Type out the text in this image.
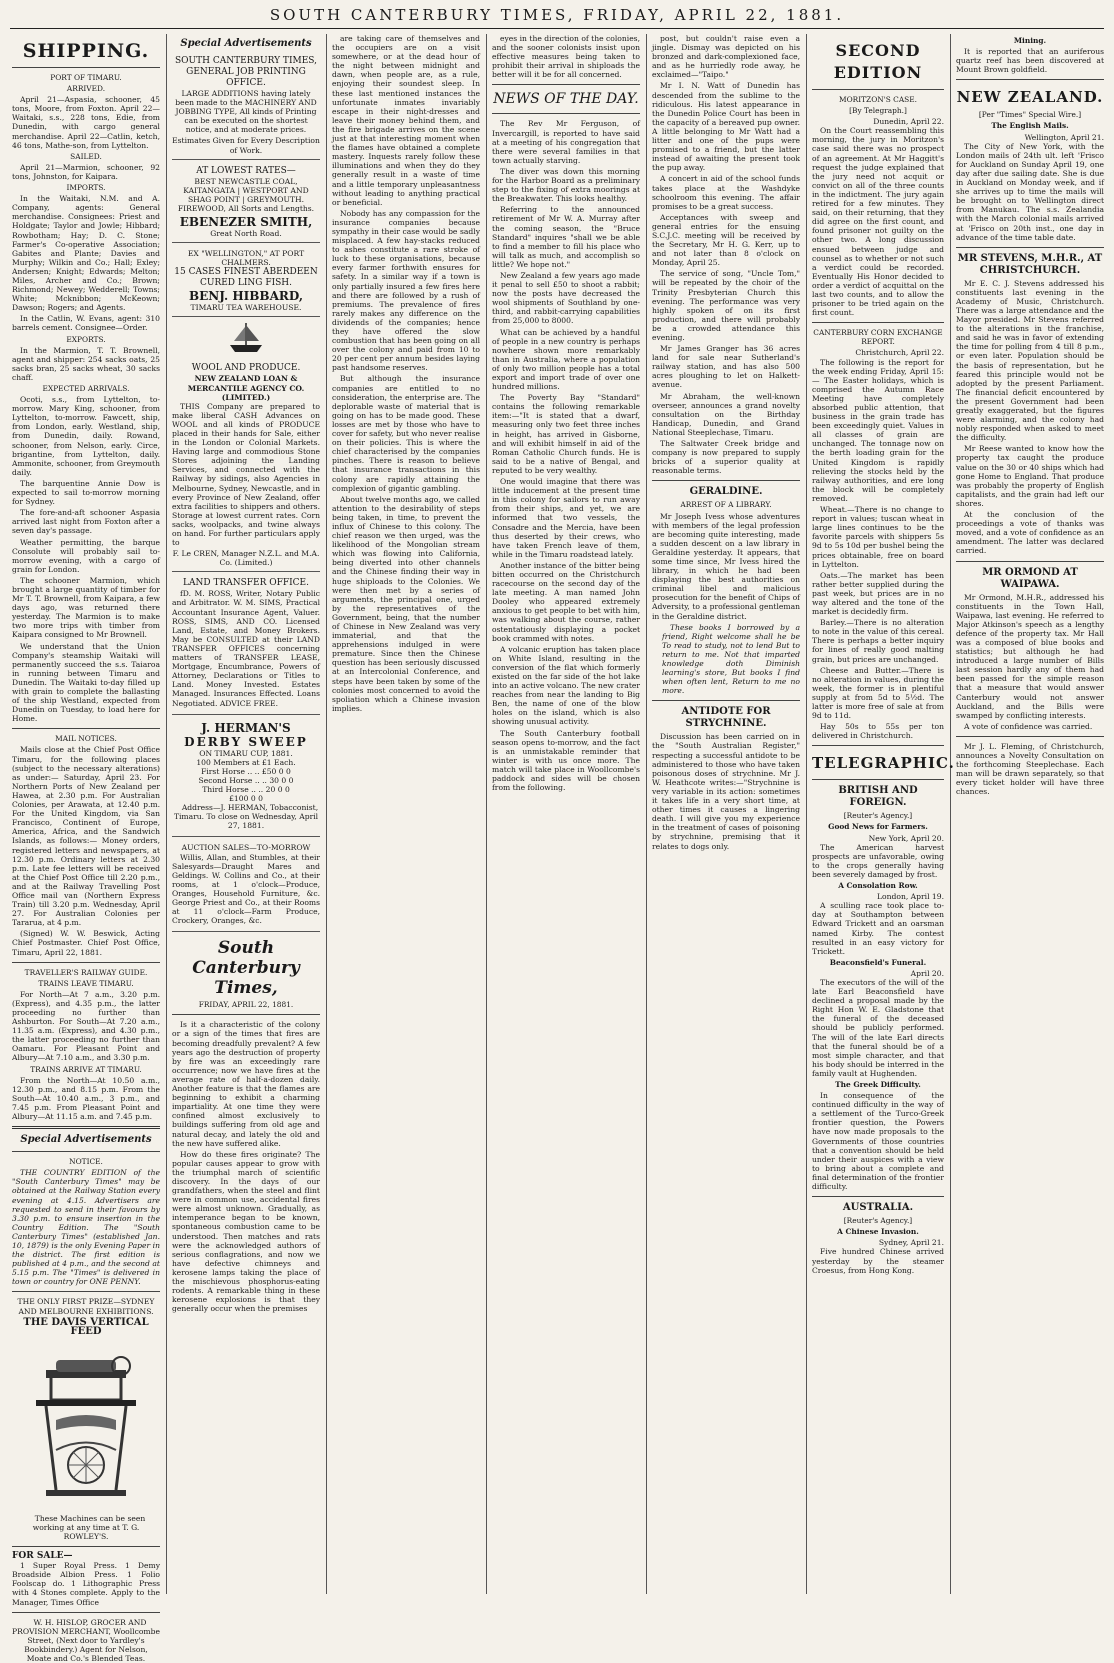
SOUTH CANTERBURY TIMES, FRIDAY, APRIL 22, 1881.
SHIPPING.
PORT OF TIMARU.
ARRIVED.

April 21—Aspasia, schooner, 45 tons, Moore, from Foxton. April 22—Waitaki, s.s., 228 tons, Edie, from Dunedin, with cargo general merchandise. April 22—Catlin, ketch, 46 tons, Mathe-son, from Lyttelton.

SAILED.

April 21—Marmion, schooner, 92 tons, Johnston, for Kaipara.

IMPORTS.

In the Waitaki, N.M. and A. Company, agents: General merchandise. Consignees: Priest and Holdgate; Taylor and Jowle; Hibbard; Rowbotham; Hay; D. C. Stone; Farmer's Co-operative Association; Gabites and Plante; Davies and Murphy; Wilkin and Co.; Hall; Exley; Andersen; Knight; Edwards; Melton; Miles, Archer and Co.; Brown; Richmond; Newey; Wedderell; Towns; White; Mcknibbon; McKeown; Dawson; Rogers; and Agents.

In the Catlin, W. Evans, agent: 310 barrels cement. Consignee—Order.

EXPORTS.

In the Marmion, T. T. Brownell, agent and shipper: 254 sacks oats, 25 sacks bran, 25 sacks wheat, 30 sacks chaff.

EXPECTED ARRIVALS.

Ocoti, s.s., from Lyttelton, to-morrow. Mary King, schooner, from Lyttelton, to-morrow. Fawcett, ship, from London, early. Westland, ship, from Dunedin, daily. Rowand, schooner, from Nelson, early. Circe, brigantine, from Lyttelton, daily. Ammonite, schooner, from Greymouth daily.

The barquentine Annie Dow is expected to sail to-morrow morning for Sydney.

The fore-and-aft schooner Aspasia arrived last night from Foxton after a seven day's passage.

Weather permitting, the barque Consolute will probably sail to-morrow evening, with a cargo of grain for London.

The schooner Marmion, which brought a large quantity of timber for Mr T. T. Brownell, from Kaipara, a few days ago, was returned there yesterday. The Marmion is to make two more trips with timber from Kaipara consigned to Mr Brownell.

We understand that the Union Company's steamship Waitaki will permanently succeed the s.s. Taiaroa in running between Timaru and Dunedin. The Waitaki to-day filled up with grain to complete the ballasting of the ship Westland, expected from Dunedin on Tuesday, to load here for Home.

MAIL NOTICES.

Mails close at the Chief Post Office Timaru, for the following places (subject to the necessary alterations) as under:— Saturday, April 23. For Northern Ports of New Zealand per Hawea, at 2.30 p.m. For Australian Colonies, per Arawata, at 12.40 p.m. For the United Kingdom, via San Francisco, Continent of Europe, America, Africa, and the Sandwich Islands, as follows:— Money orders, registered letters and newspapers, at 12.30 p.m. Ordinary letters at 2.30 p.m. Late fee letters will be received at the Chief Post Office till 2.20 p.m., and at the Railway Travelling Post Office mail van (Northern Express Train) till 3.20 p.m. Wednesday, April 27. For Australian Colonies per Tararua, at 4 p.m.

(Signed) W. W. Beswick, Acting Chief Postmaster. Chief Post Office, Timaru, April 22, 1881.

TRAVELLER'S RAILWAY GUIDE.
TRAINS LEAVE TIMARU.

For North—At 7 a.m., 3.20 p.m. (Express), and 4.35 p.m., the latter proceeding no further than Ashburton. For South—At 7.20 a.m., 11.35 a.m. (Express), and 4.30 p.m., the latter proceeding no further than Oamaru. For Pleasant Point and Albury—At 7.10 a.m., and 3.30 p.m.

TRAINS ARRIVE AT TIMARU.

From the North—At 10.50 a.m., 12.30 p.m., and 8.15 p.m. From the South—At 10.40 a.m., 3 p.m., and 7.45 p.m. From Pleasant Point and Albury—At 11.15 a.m. and 7.45 p.m.

Special Advertisements
NOTICE.

THE COUNTRY EDITION of the "South Canterbury Times" may be obtained at the Railway Station every evening at 4.15. Advertisers are requested to send in their favours by 3.30 p.m. to ensure insertion in the Country Edition. The "South Canterbury Times" (established Jan. 10, 1879) is the only Evening Paper in the district. The first edition is published at 4 p.m., and the second at 5.15 p.m. The "Times" is delivered in town or country for ONE PENNY.

THE ONLY FIRST PRIZE—SYDNEY AND MELBOURNE EXHIBITIONS.
THE DAVIS VERTICAL FEED

These Machines can be seen working at any time at T. G. ROWLEY'S.

FOR SALE—

1 Super Royal Press. 1 Demy Broadside Albion Press. 1 Folio Foolscap do. 1 Lithographic Press with 4 Stones complete. Apply to the Manager, Times Office

W. H. HISLOP, GROCER AND PROVISION MERCHANT, Woollcombe Street, (Next door to Yardley's Bookbindery.) Agent for Nelson, Moate and Co.'s Blended Teas.

Special Advertisements
SOUTH CANTERBURY TIMES, GENERAL JOB PRINTING OFFICE.

LARGE ADDITIONS having lately been made to the MACHINERY AND JOBBING TYPE, All kinds of Printing can be executed on the shortest notice, and at moderate prices.

Estimates Given for Every Description of Work.
AT LOWEST RATES—

BEST NEWCASTLE COAL, KAITANGATA | WESTPORT AND SHAG POINT | GREYMOUTH. FIREWOOD, All Sorts and Lengths.

EBENEZER SMITH,
Great North Road.
EX "WELLINGTON," AT PORT CHALMERS.
15 CASES FINEST ABERDEEN CURED LING FISH.
BENJ. HIBBARD,
TIMARU TEA WAREHOUSE.
WOOL AND PRODUCE.
NEW ZEALAND LOAN & MERCANTILE AGENCY CO. (LIMITED.)

THIS Company are prepared to make liberal CASH Advances on WOOL and all kinds of PRODUCE placed in their hands for Sale, either in the London or Colonial Markets. Having large and commodious Stone Stores adjoining the Landing Services, and connected with the Railway by sidings, also Agencies in Melbourne, Sydney, Newcastle, and in every Province of New Zealand, offer extra facilities to shippers and others. Storage at lowest current rates. Corn sacks, woolpacks, and twine always on hand. For further particulars apply to

F. Le CREN, Manager N.Z.L. and M.A. Co. (Limited.)
LAND TRANSFER OFFICE.

fD. M. ROSS, Writer, Notary Public and Arbitrator. W. M. SIMS, Practical Accountant Insurance Agent, Valuer. ROSS, SIMS, AND CO. Licensed Land, Estate, and Money Brokers. May be CONSULTED at their LAND TRANSFER OFFICES concerning matters of TRANSFER LEASE, Mortgage, Encumbrance, Powers of Attorney, Declarations or Titles to Land. Money Invested. Estates Managed. Insurances Effected. Loans Negotiated. ADVICE FREE.

J. HERMAN'S
DERBY SWEEP
ON TIMARU CUP, 1881.
100 Members at £1 Each.
First Horse .. .. £50 0 0
Second Horse .. .. 30 0 0
Third Horse .. .. 20 0 0
£100 0 0

Address—J. HERMAN, Tobacconist, Timaru. To close on Wednesday, April 27, 1881.

AUCTION SALES—TO-MORROW

Willis, Allan, and Stumbles, at their Salesyards—Draught Mares and Geldings. W. Collins and Co., at their rooms, at 1 o'clock—Produce, Oranges, Household Furniture, &c. George Priest and Co., at their Rooms at 11 o'clock—Farm Produce, Crockery, Oranges, &c.

South Canterbury Times,
FRIDAY, APRIL 22, 1881.

Is it a characteristic of the colony or a sign of the times that fires are becoming dreadfully prevalent? A few years ago the destruction of property by fire was an exceedingly rare occurrence; now we have fires at the average rate of half-a-dozen daily. Another feature is that the flames are beginning to exhibit a charming impartiality. At one time they were confined almost exclusively to buildings suffering from old age and natural decay, and lately the old and the new have suffered alike.

How do these fires originate? The popular causes appear to grow with the triumphal march of scientific discovery. In the days of our grandfathers, when the steel and flint were in common use, accidental fires were almost unknown. Gradually, as intemperance began to be known, spontaneous combustion came to be understood. Then matches and rats were the acknowledged authors of serious conflagrations, and now we have defective chimneys and kerosene lamps taking the place of the mischievous phosphorus-eating rodents. A remarkable thing in these kerosene explosions is that they generally occur when the premises

are taking care of themselves and the occupiers are on a visit somewhere, or at the dead hour of the night between midnight and dawn, when people are, as a rule, enjoying their soundest sleep. In these last mentioned instances the unfortunate inmates invariably escape in their night-dresses and leave their money behind them, and the fire brigade arrives on the scene just at that interesting moment when the flames have obtained a complete mastery. Inquests rarely follow these illuminations and when they do they generally result in a waste of time and a little temporary unpleasantness without leading to anything practical or beneficial.

Nobody has any compassion for the insurance companies because sympathy in their case would be sadly misplaced. A few hay-stacks reduced to ashes constitute a rare stroke of luck to these organisations, because every farmer forthwith ensures for safety. In a similar way if a town is only partially insured a few fires here and there are followed by a rush of premiums. The prevalence of fires rarely makes any difference on the dividends of the companies; hence they have offered the slow combustion that has been going on all over the colony and paid from 10 to 20 per cent per annum besides laying past handsome reserves.

But although the insurance companies are entitled to no consideration, the enterprise are. The deplorable waste of material that is going on has to be made good. These losses are met by those who have to cover for safety, but who never realise on their policies. This is where the chief characterised by the companies pinches. There is reason to believe that insurance transactions in this colony are rapidly attaining the complexion of gigantic gambling.

About twelve months ago, we called attention to the desirability of steps being taken, in time, to prevent the influx of Chinese to this colony. The chief reason we then urged, was the likelihood of the Mongolian stream which was flowing into California, being diverted into other channels and the Chinese finding their way in huge shiploads to the Colonies. We were then met by a series of arguments, the principal one, urged by the representatives of the Government, being, that the number of Chinese in New Zealand was very immaterial, and that the apprehensions indulged in were premature. Since then the Chinese question has been seriously discussed at an Intercolonial Conference, and steps have been taken by some of the colonies most concerned to avoid the spoliation which a Chinese invasion implies.

eyes in the direction of the colonies, and the sooner colonists insist upon effective measures being taken to prohibit their arrival in shiploads the better will it be for all concerned.

NEWS OF THE DAY.

The Rev Mr Ferguson, of Invercargill, is reported to have said at a meeting of his congregation that there were several families in that town actually starving.

The diver was down this morning for the Harbor Board as a preliminary step to the fixing of extra moorings at the Breakwater. This looks healthy.

Referring to the announced retirement of Mr W. A. Murray after the coming season, the "Bruce Standard" inquires "shall we be able to find a member to fill his place who will talk as much, and accomplish so little? We hope not."

New Zealand a few years ago made it penal to sell £50 to shoot a rabbit; now the posts have decreased the wool shipments of Southland by one-third, and rabbit-carrying capabilities from 25,000 to 8000.

What can be achieved by a handful of people in a new country is perhaps nowhere shown more remarkably than in Australia, where a population of only two million people has a total export and import trade of over one hundred millions.

The Poverty Bay "Standard" contains the following remarkable item:—"It is stated that a dwarf, measuring only two feet three inches in height, has arrived in Gisborne, and will exhibit himself in aid of the Roman Catholic Church funds. He is said to be a native of Bengal, and reputed to be very wealthy.

One would imagine that there was little inducement at the present time in this colony for sailors to run away from their ships, and yet, we are informed that two vessels, the Consadre and the Mercia, have been thus deserted by their crews, who have taken French leave of them, while in the Timaru roadstead lately.

Another instance of the bitter being bitten occurred on the Christchurch racecourse on the second day of the late meeting. A man named John Dooley who appeared extremely anxious to get people to bet with him, was walking about the course, rather ostentatiously displaying a pocket book crammed with notes.

A volcanic eruption has taken place on White Island, resulting in the conversion of the flat which formerly existed on the far side of the hot lake into an active volcano. The new crater reaches from near the landing to Big Ben, the name of one of the blow holes on the island, which is also showing unusual activity.

The South Canterbury football season opens to-morrow, and the fact is an unmistakable reminder that winter is with us once more. The match will take place in Woollcombe's paddock and sides will be chosen from the following.

post, but couldn't raise even a jingle. Dismay was depicted on his bronzed and dark-complexioned face, and as he hurriedly rode away, he exclaimed—"Taipo."

Mr I. N. Watt of Dunedin has descended from the sublime to the ridiculous. His latest appearance in the Dunedin Police Court has been in the capacity of a bereaved pup owner. A little belonging to Mr Watt had a litter and one of the pups were promised to a friend, but the latter instead of awaiting the present took the pup away.

A concert in aid of the school funds takes place at the Washdyke schoolroom this evening. The affair promises to be a great success.

Acceptances with sweep and general entries for the ensuing S.C.J.C. meeting will be received by the Secretary, Mr H. G. Kerr, up to and not later than 8 o'clock on Monday, April 25.

The service of song, "Uncle Tom," will be repeated by the choir of the Trinity Presbyterian Church this evening. The performance was very highly spoken of on its first production, and there will probably be a crowded attendance this evening.

Mr James Granger has 36 acres land for sale near Sutherland's railway station, and has also 500 acres ploughing to let on Halkett-avenue.

Mr Abraham, the well-known overseer, announces a grand novelty consultation on the Birthday Handicap, Dunedin, and Grand National Steeplechase, Timaru.

The Saltwater Creek bridge and company is now prepared to supply bricks of a superior quality at reasonable terms.

GERALDINE.
ARREST OF A LIBRARY.

Mr Joseph Ivess whose adventures with members of the legal profession are becoming quite interesting, made a sudden descent on a law library in Geraldine yesterday. It appears, that some time since, Mr Ivess hired the library, in which he had been displaying the best authorities on criminal libel and malicious prosecution for the benefit of Chips of Adversity, to a professional gentleman in the Geraldine district.

These books I borrowed by a friend, Right welcome shall he be To read to study, not to lend But to return to me. Not that imparted knowledge doth Diminish learning's store, But books I find when often lent, Return to me no more.

ANTIDOTE FOR STRYCHNINE.

Discussion has been carried on in the "South Australian Register," respecting a successful antidote to be administered to those who have taken poisonous doses of strychnine. Mr J. W. Heathcote writes:—"Strychnine is very variable in its action: sometimes it takes life in a very short time, at other times it causes a lingering death. I will give you my experience in the treatment of cases of poisoning by strychnine, premising that it relates to dogs only.

SECOND EDITION
MORITZON'S CASE.
[By Telegraph.]
Dunedin, April 22.

On the Court reassembling this morning, the jury in Moritzon's case said there was no prospect of an agreement. At Mr Haggitt's request the judge explained that the jury need not acquit or convict on all of the three counts in the indictment. The jury again retired for a few minutes. They said, on their returning, that they did agree on the first count, and found prisoner not guilty on the other two. A long discussion ensued between judge and counsel as to whether or not such a verdict could be recorded. Eventually His Honor decided to order a verdict of acquittal on the last two counts, and to allow the prisoner to be tried again on the first count.

CANTERBURY CORN EXCHANGE REPORT.
Christchurch, April 22.

The following is the report for the week ending Friday, April 15:— The Easter holidays, which is comprised the Autumn Race Meeting have completely absorbed public attention, that business in the grain trade has been exceedingly quiet. Values in all classes of grain are unchanged. The tonnage now on the berth loading grain for the United Kingdom is rapidly relieving the stocks held by the railway authorities, and ere long the block will be completely removed.

Wheat.—There is no change to report in values; tuscan wheat in large lines continues to be the favorite parcels with shippers 5s 9d to 5s 10d per bushel being the prices obtainable, free on board in Lyttelton.

Oats.—The market has been rather better supplied during the past week, but prices are in no way altered and the tone of the market is decidedly firm.

Barley.—There is no alteration to note in the value of this cereal. There is perhaps a better inquiry for lines of really good malting grain, but prices are unchanged.

Cheese and Butter.—There is no alteration in values, during the week, the former is in plentiful supply at from 5d to 5½d. The latter is more free of sale at from 9d to 11d.

Hay 50s to 55s per ton delivered in Christchurch.

TELEGRAPHIC.
BRITISH AND FOREIGN.
[Reuter's Agency.]
Good News for Farmers.
New York, April 20.

The American harvest prospects are unfavorable, owing to the crops generally having been severely damaged by frost.

A Consolation Row.
London, April 19.

A sculling race took place to-day at Southampton between Edward Trickett and an oarsman named Kirby. The contest resulted in an easy victory for Trickett.

Beaconsfield's Funeral.
April 20.

The executors of the will of the late Earl Beaconsfield have declined a proposal made by the Right Hon W. E. Gladstone that the funeral of the deceased should be publicly performed. The will of the late Earl directs that the funeral should be of a most simple character, and that his body should be interred in the family vault at Hughenden.

The Greek Difficulty.

In consequence of the continued difficulty in the way of a settlement of the Turco-Greek frontier question, the Powers have now made proposals to the Governments of those countries that a convention should be held under their auspices with a view to bring about a complete and final determination of the frontier difficulty.

AUSTRALIA.
[Reuter's Agency.]
A Chinese Invasion.
Sydney, April 21.

Five hundred Chinese arrived yesterday by the steamer Croesus, from Hong Kong.

Mining.

It is reported that an auriferous quartz reef has been discovered at Mount Brown goldfield.

NEW ZEALAND.
[Per "Times" Special Wire.]
The English Mails.
Wellington, April 21.

The City of New York, with the London mails of 24th ult. left 'Frisco for Auckland on Sunday April 19, one day after due sailing date. She is due in Auckland on Monday week, and if she arrives up to time the mails will be brought on to Wellington direct from Manukau. The s.s. Zealandia with the March colonial mails arrived at 'Frisco on 20th inst., one day in advance of the time table date.

MR STEVENS, M.H.R., AT CHRISTCHURCH.

Mr E. C. J. Stevens addressed his constituents last evening in the Academy of Music, Christchurch. There was a large attendance and the Mayor presided. Mr Stevens referred to the alterations in the franchise, and said he was in favor of extending the time for polling from 4 till 8 p.m., or even later. Population should be the basis of representation, but he feared this principle would not be adopted by the present Parliament. The financial deficit encountered by the present Government had been greatly exaggerated, but the figures were alarming, and the colony had nobly responded when asked to meet the difficulty.

Mr Reese wanted to know how the property tax caught the produce value on the 30 or 40 ships which had gone Home to England. That produce was probably the property of English capitalists, and the grain had left our shores.

At the conclusion of the proceedings a vote of thanks was moved, and a vote of confidence as an amendment. The latter was declared carried.

MR ORMOND AT WAIPAWA.

Mr Ormond, M.H.R., addressed his constituents in the Town Hall, Waipawa, last evening. He referred to Major Atkinson's speech as a lengthy defence of the property tax. Mr Hall was a composed of blue books and statistics; but although he had introduced a large number of Bills last session hardly any of them had been passed for the simple reason that a measure that would answer Canterbury would not answer Auckland, and the Bills were swamped by conflicting interests.

A vote of confidence was carried.

Mr J. L. Fleming, of Christchurch, announces a Novelty Consultation on the forthcoming Steeplechase. Each man will be drawn separately, so that every ticket holder will have three chances.
